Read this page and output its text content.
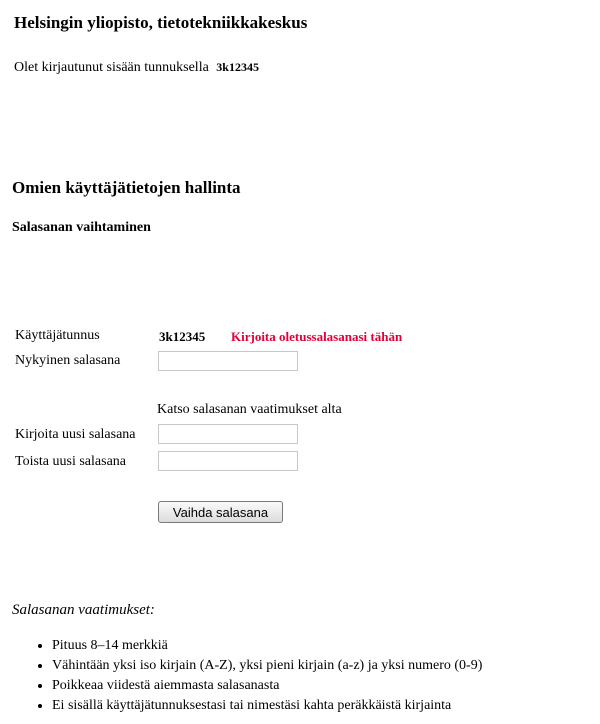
Helsingin yliopisto, tietotekniikkakeskus
Olet kirjautunut sisään tunnuksella 3k12345
Omien käyttäjätietojen hallinta
Salasanan vaihtaminen
Käyttäjätunnus	3k12345 Kirjoita oletussalasanasi tähän
Nykyinen salasana
Katso salasanan vaatimukset alta
Kirjoita uusi salasana
Toista uusi salasana
Vaihda salasana
Salasanan vaatimukset:
• Pituus 8–14 merkkiä
• Vähintään yksi iso kirjain (A-Z), yksi pieni kirjain (a-z) ja yksi numero (0-9)
• Poikkeaa viidestä aiemmasta salasanasta
• Ei sisällä käyttäjätunnuksestasi tai nimestäsi kahta peräkkäistä kirjainta
